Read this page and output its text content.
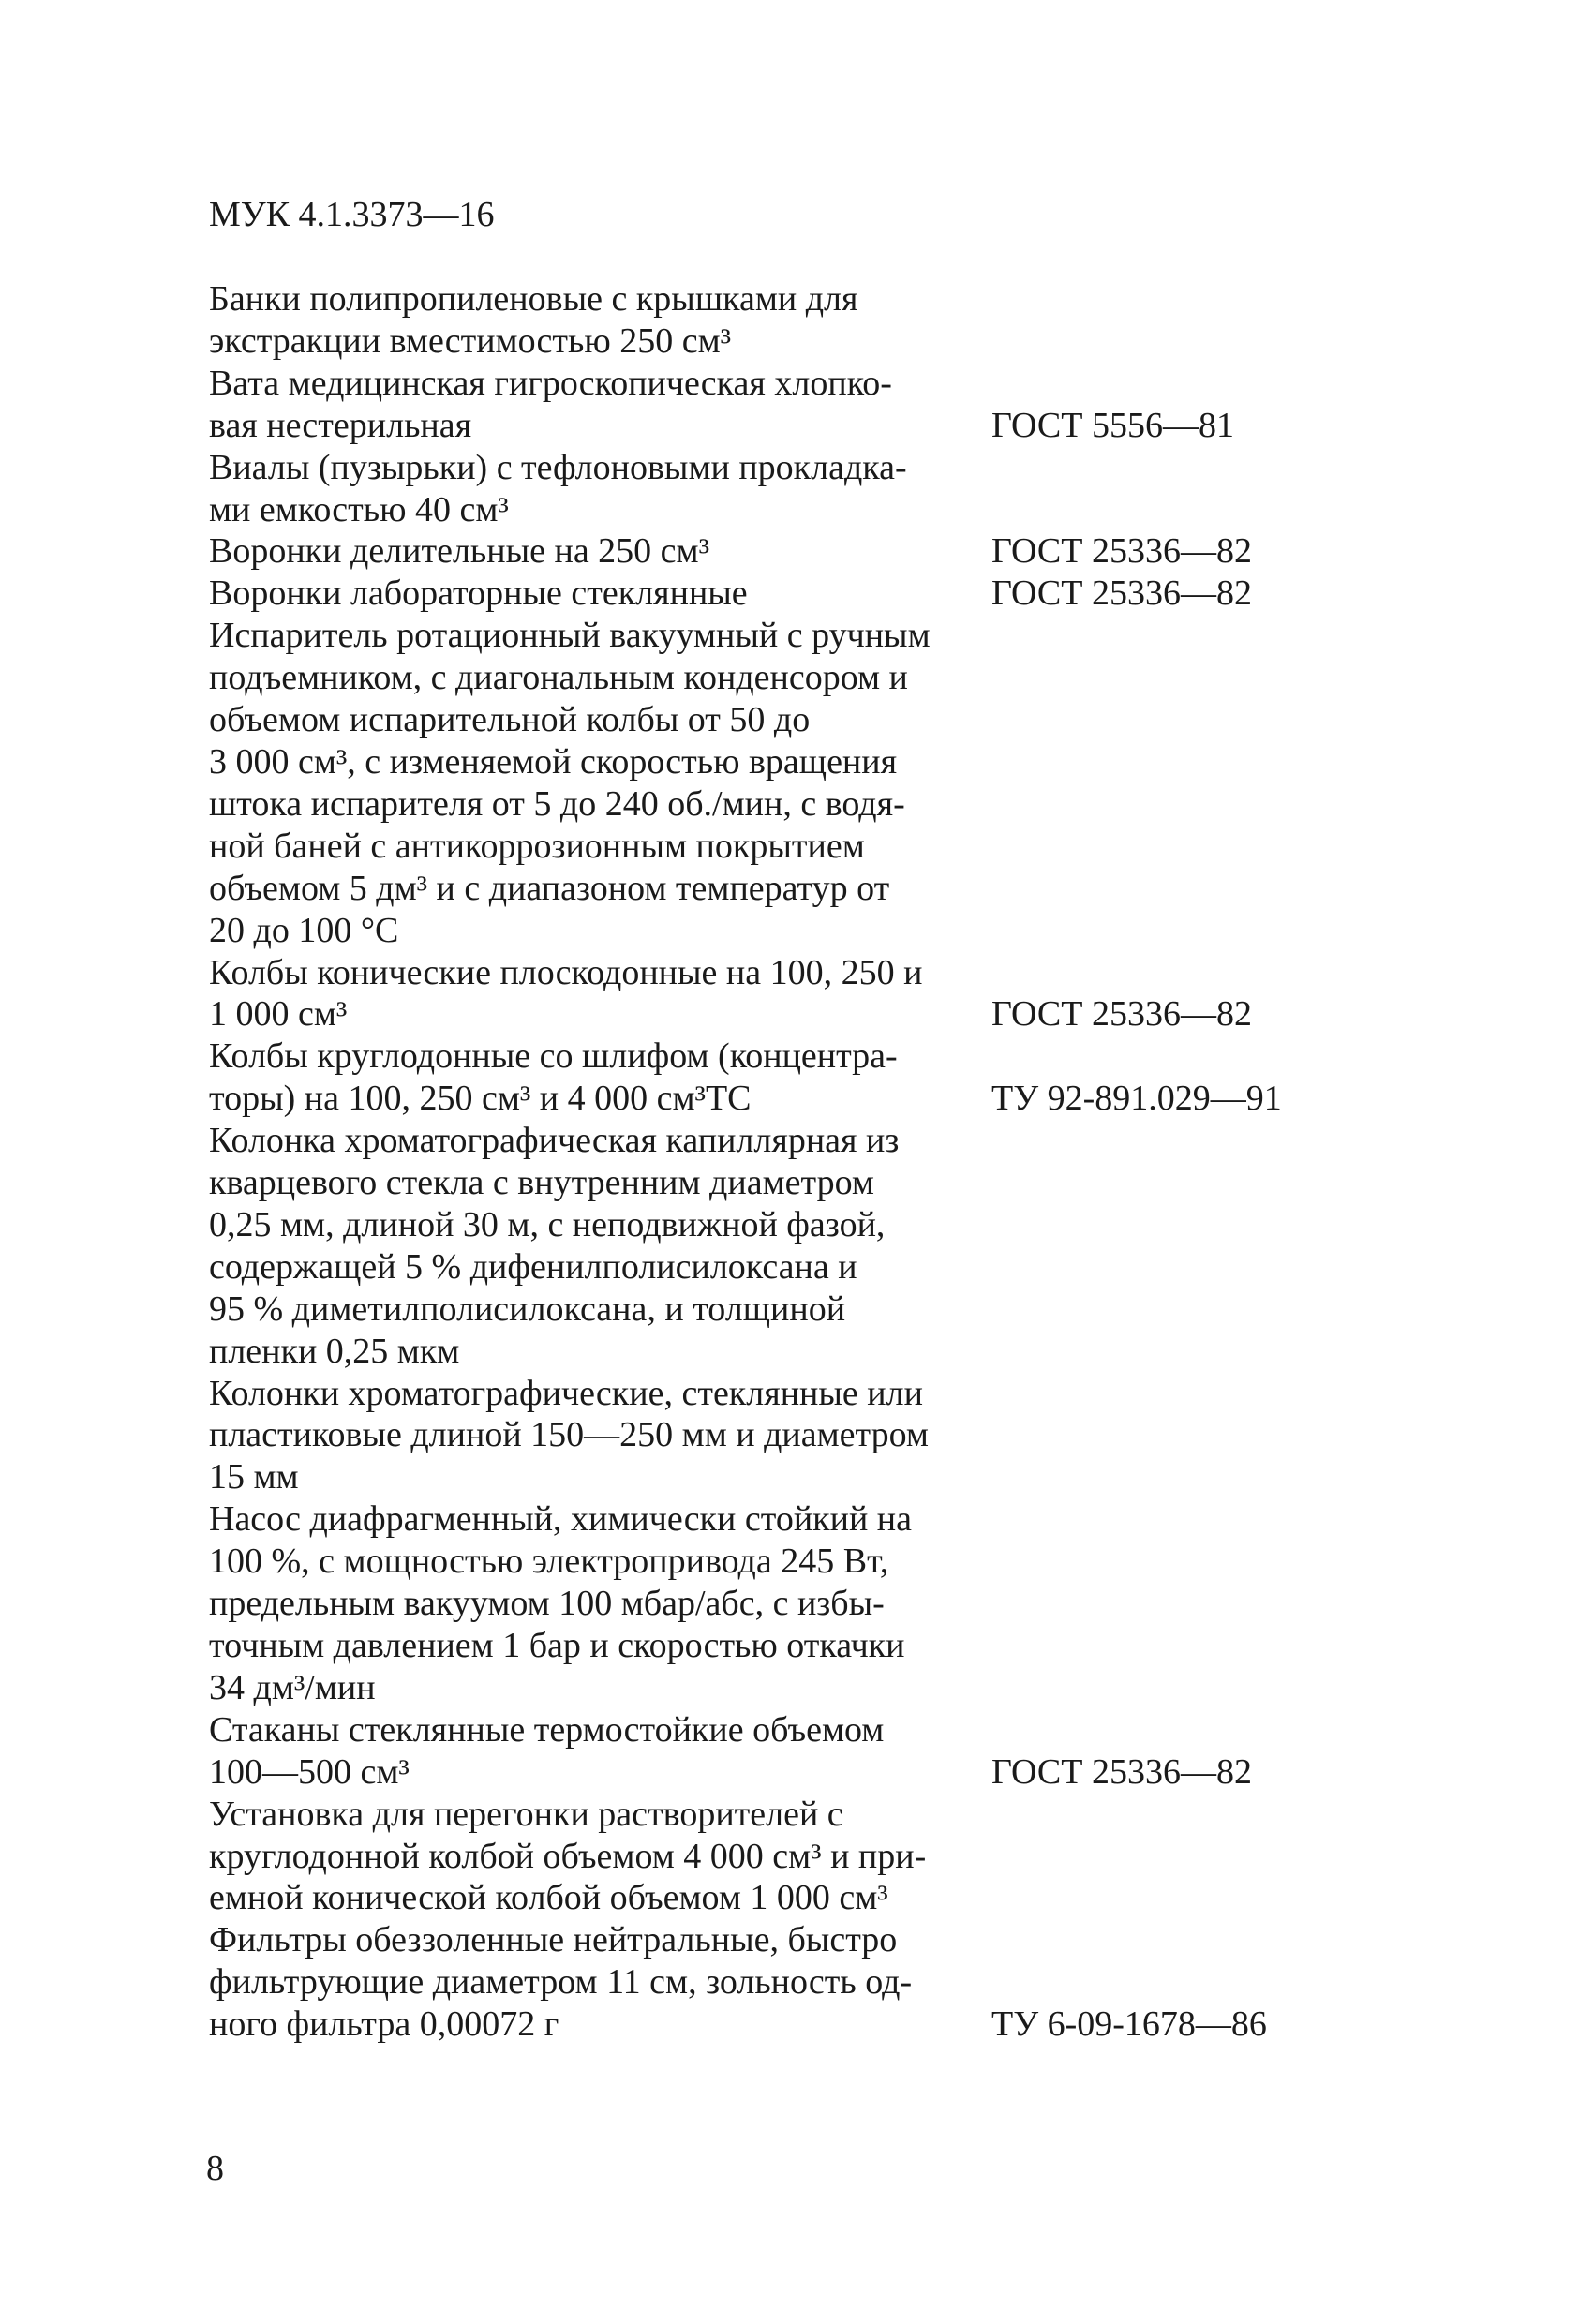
МУК 4.1.3373—16
Банки полипропиленовые с крышками для
экстракции вместимостью 250 см³
Вата медицинская гигроскопическая хлопко-
вая нестерильная	ГОСТ 5556—81
Виалы (пузырьки) с тефлоновыми прокладка-
ми емкостью 40 см³
Воронки делительные на 250 см³	ГОСТ 25336—82
Воронки лабораторные стеклянные	ГОСТ 25336—82
Испаритель ротационный вакуумный с ручным
подъемником, с диагональным конденсором и
объемом испарительной колбы от 50 до
3 000 см³, с изменяемой скоростью вращения
штока испарителя от 5 до 240 об./мин, с водя-
ной баней с антикоррозионным покрытием
объемом 5 дм³ и с диапазоном температур от
20 до 100 °С
Колбы конические плоскодонные на 100, 250 и
1 000 см³	ГОСТ 25336—82
Колбы круглодонные со шлифом (концентра-
торы) на 100, 250 см³ и 4 000 см³ТС	ТУ 92-891.029—91
Колонка хроматографическая капиллярная из
кварцевого стекла с внутренним диаметром
0,25 мм, длиной 30 м, с неподвижной фазой,
содержащей 5 % дифенилполисилоксана и
95 % диметилполисилоксана, и толщиной
пленки 0,25 мкм
Колонки хроматографические, стеклянные или
пластиковые длиной 150—250 мм и диаметром
15 мм
Насос диафрагменный, химически стойкий на
100 %, с мощностью электропривода 245 Вт,
предельным вакуумом 100 мбар/абс, с избы-
точным давлением 1 бар и скоростью откачки
34 дм³/мин
Стаканы стеклянные термостойкие объемом
100—500 см³	ГОСТ 25336—82
Установка для перегонки растворителей с
круглодонной колбой объемом 4 000 см³ и при-
емной конической колбой объемом 1 000 см³
Фильтры обеззоленные нейтральные, быстро
фильтрующие диаметром 11 см, зольность од-
ного фильтра 0,00072 г	ТУ 6-09-1678—86
8
